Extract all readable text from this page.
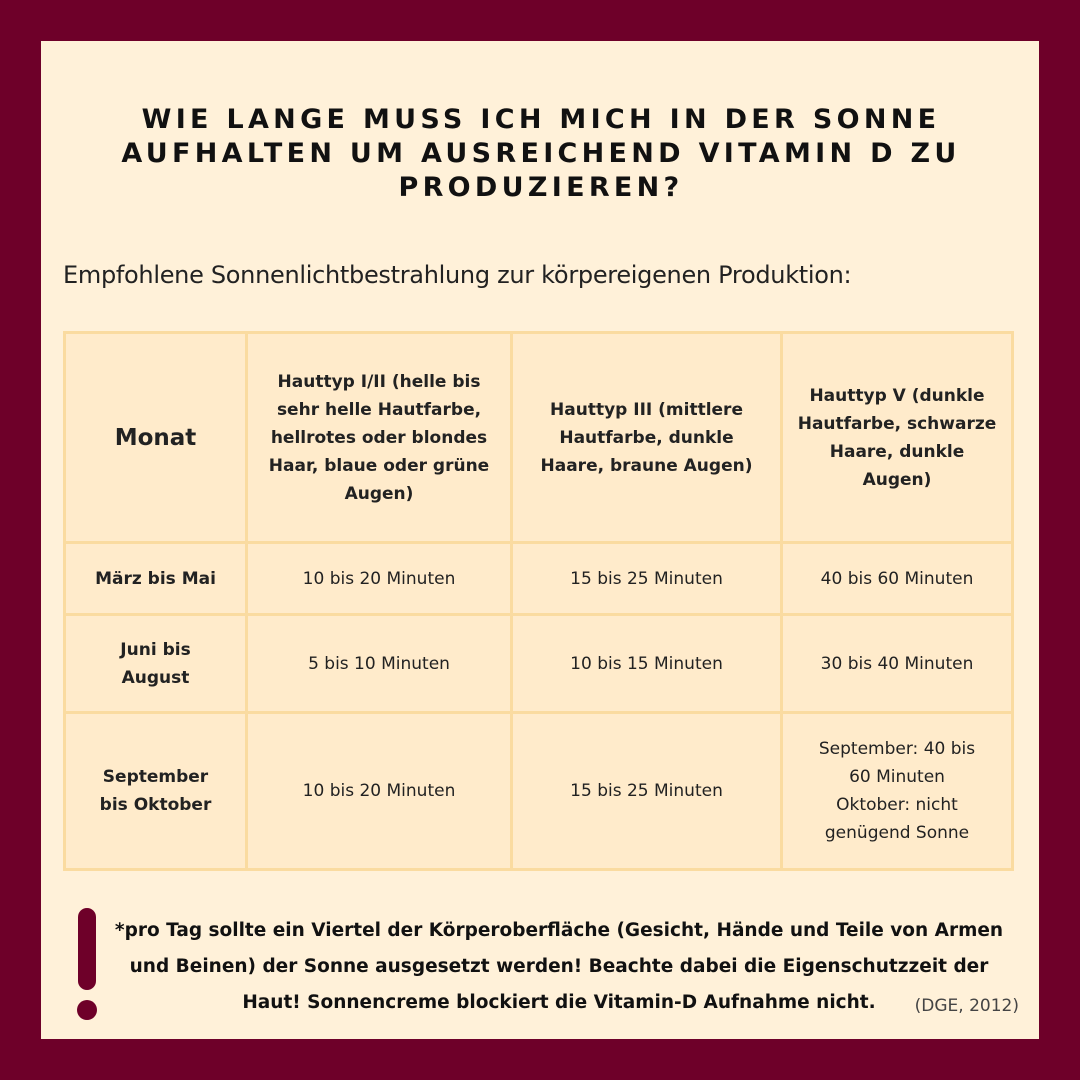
WIE LANGE MUSS ICH MICH IN DER SONNE AUFHALTEN UM AUSREICHEND VITAMIN D ZU PRODUZIEREN?
Empfohlene Sonnenlichtbestrahlung zur körpereigenen Produktion:
Monat	Hauttyp I/II (helle bis sehr helle Hautfarbe, hellrotes oder blondes Haar, blaue oder grüne Augen)	Hauttyp III (mittlere Hautfarbe, dunkle Haare, braune Augen)	Hauttyp V (dunkle Hautfarbe, schwarze Haare, dunkle Augen)
März bis Mai	10 bis 20 Minuten	15 bis 25 Minuten	40 bis 60 Minuten
Juni bis August	5 bis 10 Minuten	10 bis 15 Minuten	30 bis 40 Minuten
September bis Oktober	10 bis 20 Minuten	15 bis 25 Minuten	September: 40 bis 60 Minuten Oktober: nicht genügend Sonne
*pro Tag sollte ein Viertel der Körperoberfläche (Gesicht, Hände und Teile von Armen und Beinen) der Sonne ausgesetzt werden! Beachte dabei die Eigenschutzzeit der Haut! Sonnencreme blockiert die Vitamin-D Aufnahme nicht.	(DGE, 2012)
